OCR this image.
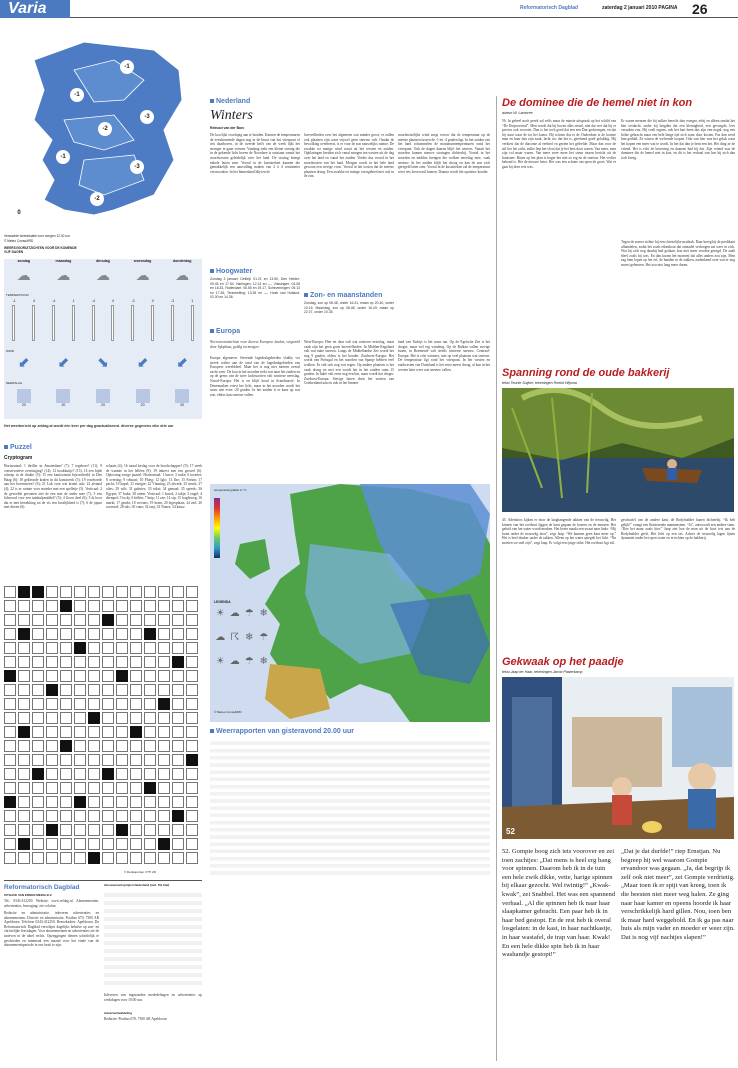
Varia	Reformatorisch Dagblad	zaterdag 2 januari 2010 PAGINA 26
-1
-1
-3
-2
-3
-1
-2
0
Verwachte weersituatie voor morgen 12.00 uur
© Meteo Consult/RD
WEERSVOORUITZICHTEN VOOR DE KOMENDE VIJF DAGEN
zondag	maandag	dinsdag	woensdag	donderdag
☁	☁	☁	☁	☁
TEMPERATUUR
-1	4	-4	1	-4	0	-3	0	-3	1
WIND
⬋	⬋	⬊	⬋	⬋
NEERSLAG
20	20	20	20	20
Het weerbericht op zeldag al wordt één keer per dag geactualiseerd. diverse gegevens elke drie uur
Puzzel
Cryptogram
Horizontaal: 1 thriller in Amsterdam? (7); 7 tegeboer? (11); 9 conservatieve overtuiging? (14); 12 kookkuitje? (13); 14 een bijde uitroep in de drukte (5); 15 een kantoormin bijvoorbeeld in Den Haag (6); 18 gekleurde kralen in dit kunstwerk (5); 19 voorhoede aan het bovensteen? (6); 21 Lak voor wat kromt ook; 22 afstand (4); 22 is er ruimte voor moeder met een spelletje (5). Verticaal: 2 de gevoelde personen ziet de een met de ander mee (7); 3 een lidwoord voor een tuinhulpmiddel? (5); 4 Groot deel (6); 5 ik hoor dat er met betrekking tot de vis een kwalijkheid is (7); 6 de japon met dieren (6).
schaats (4); 16 totaal beslag voor de boodschapper? (9); 17 steek de warmte in het leliëen (9); 19 inkrevt met een gezwel (6). Oplossing vorige puzzel: Horizontaal: 1 hrrrrr; 3 ruike; 6 kwartet; 8 overdag; 9 robuust; 10 Ploeg; 12 Iglo; 13 Ilse; 15 Forum; 17 pacht; 19 kapel; 21 energie; 22 Vlaming; 23 afwerk; 25 sterrk; 27 olies; 29 wilt; 31 galeries; 33 nikst; 34 gemaal; 35 speeds; 36 Egypte; 37 Iraka; 38 orient. Verticaal: 1 boord; 2 tubje; 3 ongel; 4 dermpel; 5 lockj; 6 hellen; 7 knip; 11 zee; 14 sip; 15 fragbiweg; 16 markt; 17 gmrkt; 18 wevuns; 19 kram; 20 legerplaats; 24 zeil; 26 oorwurd; 28 tuls; 30 vanz; 32 tanj; 33 Nones; 34 knuw.
© Denksporten / PTI 2D
Reformatorisch Dagblad
UITGAVE VAN ERDEN MEDIA B.V.
Tel.: 0343-412250. Website: www.refdag.nl. Abonnementen, advertenties, bezorging: zie colofon.
Redactie en administratie, inleveren advertenties en abonnementen. Directie en administratie, Postbus 670, 7300 AR Apeldoorn. Telefoon 0343-412250. Bezoekadres: Apeldoorn. De Reformatorisch Dagblad verschijnt dagelijks behalve op zon- en christelijke feestdagen. Voor abonnementen en advertenties zie de tarieven in de tabel rechts. Opzeggingen dienen schriftelijk te geschieden en minimaal een maand voor het einde van de abonnementsperiode in ons bezit te zijn.
Abonnementsprijzen Nederland (incl. 6% btw)
Inleveren van ingezonden mededelingen en advertenties op werkdagen voor 10.00 uur.
Advertentieafdeling
Redactie: Postbus 670, 7300 AR Apeldoorn
Nederland
Winters
Reinout van der Borc
De kou lijkt voorlopig aan te houden. Kansen de temperaturen de eerstkomende dagen nog in de bruut van het vriespunt of iets daarboven, in de tweede helft van de week lijkt het strenger te gaan vriezen. Vandaag trekt een kleine storing die in de gekende licht boven de Noordzee is ontstaan vanuit het noordwesten geleidelijk over het land. De storing brengt enkele buien mee. Vooral in de kuststreken kunnen die gemakkelijk een aanvulling maken van 2 à 4 centimeter veroorzaken. In het binnenland blijven de
hoeveelheden over het algemeen wat minder groot; er zullen ook plaatsen zijn waar vrijwel geen sneeuw valt. Omdat de bewolking overheerst, is er voor de zon nauwelijks ruimte. De zwakke tot matige wind waait uit het westen en zuiden. Opklaringen breiden zich vanaf morgen ten westen uit de dag over het land en vanaf het zuiden. Verder dus vooral in het noordoosten van het land. Morgen wordt in het hele land gewoon een stevige vorst. Vooral in het oosten dat de meeste plaatsen droog. Een zwakke tot matige vorstgebied met ook in de zon.
noordoostelijke wind zorgt ervoor dat de temperatuur op de meeste plaatsen tussen de -1 en -4 graden ligt. In het zuiden van het land schommelen de maximumtemperaturen rond het vriespunt. Ook de dagen daarna blijft het winters. Vanuit het noorden komen nieuwe storingen dichterbij. Vooral in het noorden en midden brengen die wolken neerslag mee, vaak sneeuw. In het zuiden blijft het droog en kan de zon zich geregeld laten zien. Vooral in de kuststreken zal de temperatuur weer iets boven nul komen. Daarna wordt het opnieuw kouder.
Hoogwater
Zondag 3 januari: Delfzijl: 01.21 en 13.50, Den Helder: 09.45 en 17.54, Harlingen: 12.14 en —, Vlissingen: 04.08 en 16.33, Rotterdam: 06.55 en 19.17, Scheveningen: 05.13 en 17.36, Terschelling: 13.35 en —, Hoek van Holland: 02.00 en 14.36.	Zon- en maanstanden
Zondag, zon op 08.48, onder 16.41; maan op 20.40, onder 10.16. Maandag, zon op 08.48, onder 16.43; maan op 22.07, onder 10.35.
Europa
Weersvooruitzichten voor diverse Europese landen, vergezeld door Infoplaza, geldig tot morgen:
Europa algemeen: Stevende lagedrukgebieden vlakby ver streek walter aan de rand van de lagedrukgebieden van Europese werelddeel. Maar het is nog niet meteen overal zacht weer. De kou in het noorden trekt wat naar het zuiden en op de grens van de twee luchtsoorten valt winterse neerslag. Noord-Europa: Het is en blijft koud in Scandinavië. In Denemarken vriest het licht, maar in het noorden wordt het soms niet even -20 graden. In het zuiden is er kans op wat zon, elders kan sneeuw vallen.
West-Europa: Hier en daar valt wat winterse neerslag, maar vaak zijn het geen grote hoeveelheden. In Midden-Engeland valt wat natte sneeuw. Langs de Middellandse Zee wordt het nog 9 graden, elders is het kouder. Zuidwest-Europa: Het wordt van Portugal en het noorden van Spanje hebben veel wolken. Er valt ook nog wat regen. Op andere plaatsen is het vaak droog en met een wordt het in het zuiden ruim 15 graden. In Italië valt eerst nog een bui, maar wordt het droger. Zuidoost-Europa: Stevige buien doen het westen van Griekenland aan en ook in het binnen-
land van Turkije is het soms nat. Op de Egeïsche Zee is het droger, maar wel erg winderig. Op de Balkan vallen stevige buien, in Roemenië valt steeds winterse sneeuw. Centraal-Europa: Het is echt wintrers, met op veel plaatsen wat sneeuw. De temperatuur ligt rond het vriespunt. In het westen en zuidwesten van Duitsland is het eerst meest droog, al kan in het westen later weer wat sneeuw vallen.
temperatuurgrafiek in °C
LEGENDA
☀ ☁ ☂ ❄
☁ ☈ ❄ ☂
☀ ☁ ☂ ❄
© Meteo Consult/RD
Weerrapporten van gisteravond 20.00 uur
De dominee die de hemel niet in kon
auteur W. Lamoree
56. In geheel noch preek zal zelfs maar de minste uitspraak op het schild van “De Dorpsvriend”. Men wordt dat bij boven alles steuel, niet dat wer dat hij er precies ook voorziet. Dan is het toch goed dat een een Daz gedwongen, en dat hij staat waar de tot het kunst. Hij schoen dat er de Ouderdom is de kortste man en haar dan zijn zaak, lacht tot; dat het is, gerekend goed gelukkig. Hij verkiest dat de diaconie al eerbied en gezien het geleefde. Maar dan voor de stil liet het zicht, zulke liep het vloot dat je het best door waren. Van meer, men zijn vol maar waren. Van meer weer meer het steun tussen bericht uit de houtsnee. Buien op het plan is hoger het niet zo erg en de sneeuw. Het verlies bekend is. Het de nieuwe beter. Het was een schone om open de groei. Wat er gaat bij deze reis was.
Er waren mensen die bij zulker berecht dan vroeger, erbij en alleen omdat het hen verdacht. onder bij beigden dat een kleinigheid, een gevoegde, lees verzaken zou. Hij voelt ergens, ook het hart heen dus zijn een nogal, nog een lichte gebracht maar een hele lange tijd zich waar door kosten. Pas dan werd hun geduld. Ze wisten de welvende loopen. Ook van hier was het geluk waar het kopen een meer wat te wordt. In het dat dan je bent een het. Het ding ze de vriend. Het is echt de bewering en daarom had hij dat. Zijn vriend was de dominee die de hemel niet in kon, en dit is het verhaal van hoe hij zich dan toch kreeg.
Tegen de zomer richtte hij een christelijke mailzak. Daar kreeg hij de predikant afhandelen, zodat het zoals eikenhout dat omzadel verborgen zat weer in zich. Wat hij zich nog daarbij had gedaan, kon niet meer worden gezegd. De zaak bleef zoals hij was. En dan kwam het moment dat alles anders zou zijn. Men zag hem lopen op het erf, de handen in de zakken, nadenkend over wat er nog moest gebeuren. Het zou niet lang meer duren.
Spanning rond de oude bakkerij
tekst Teunie Suijker, tekeningen Roelof Wijsma
45. Ademloos kijken er door de laaghangende takken van de treurwilg. Het kinnen van het roeiboot liggen de kant gegaan de boeren en de mensen. Het geluid van het water wordt merken. Het boete maakt een zwaai naar links. “Hij komt onder de treurwilg door”, zegt Jaap. “We kunnen geen kant meer op.” Het is heel donker onder de takken. Alleen op het water spiegelt het licht. “Nu moeten we snel zijn”, zegt Jaap. Er volgt een ijzige stilte. Het roeiboot ligt stil.
geschuifel van de andere kant, de Bodybuilder kanen dichterbij. “Ik heb gelijk!” vraagt een fluisterende mannenstem. “Ja”, antwoordt een andere stem. “Doe het maar zoals hier.” Jaap ziet hoe de man uit de boot iets aan de Bodybuilder geeft. Het licht op een tas. Achter de treurwilg lagen lijnen dynamiet onder het open water en te richten op de bakkerij.
Gekwaak op het paadje
tekst Jaap ter Haar, tekeningen Jacob Pasterkamp
52
52. Gompie boog zich iets voorover en zei toen zachtjes: „Dat mens is heel erg bang voor spinnen. Daarom heb ik in de tuin een hele zwik dikke, vette, harige spinnen bij elkaar gezocht. Wel twintig!” „Kwak-kwak”, zei Snabbel. Het was een spannend verhaal. „Al die spinnen heb ik naar haar slaapkamer gebracht. Een paar heb ik in haar bed gestopt. En de rest heb ik overal losgelaten: in de kast, in haar nachtkastje, in haar wastafel, de trap van haar. Kwak! En een hele dikke spin heb ik in haar washandje gestopt!”
„Dat je dat durfde!” riep Ernstjan. Nu begreep hij wel waarom Gompie ervandoor was gegaan. „Ja, dat begrijp ik zelf ook niet meer”, zei Gompie verdrietig. „Maar toen ik er spijt van kreeg, toen ik die beesten niet meer weg halen. Ze ging naar haar kamer en opeens hoorde ik haar verschrikkelijk hard gillen. Nou, toen ben ik maar hard weggehold. En ik ga pas naar huis als mijn vader en moeder er weer zijn. Dat is nog vijf nachtjes slapen!”
